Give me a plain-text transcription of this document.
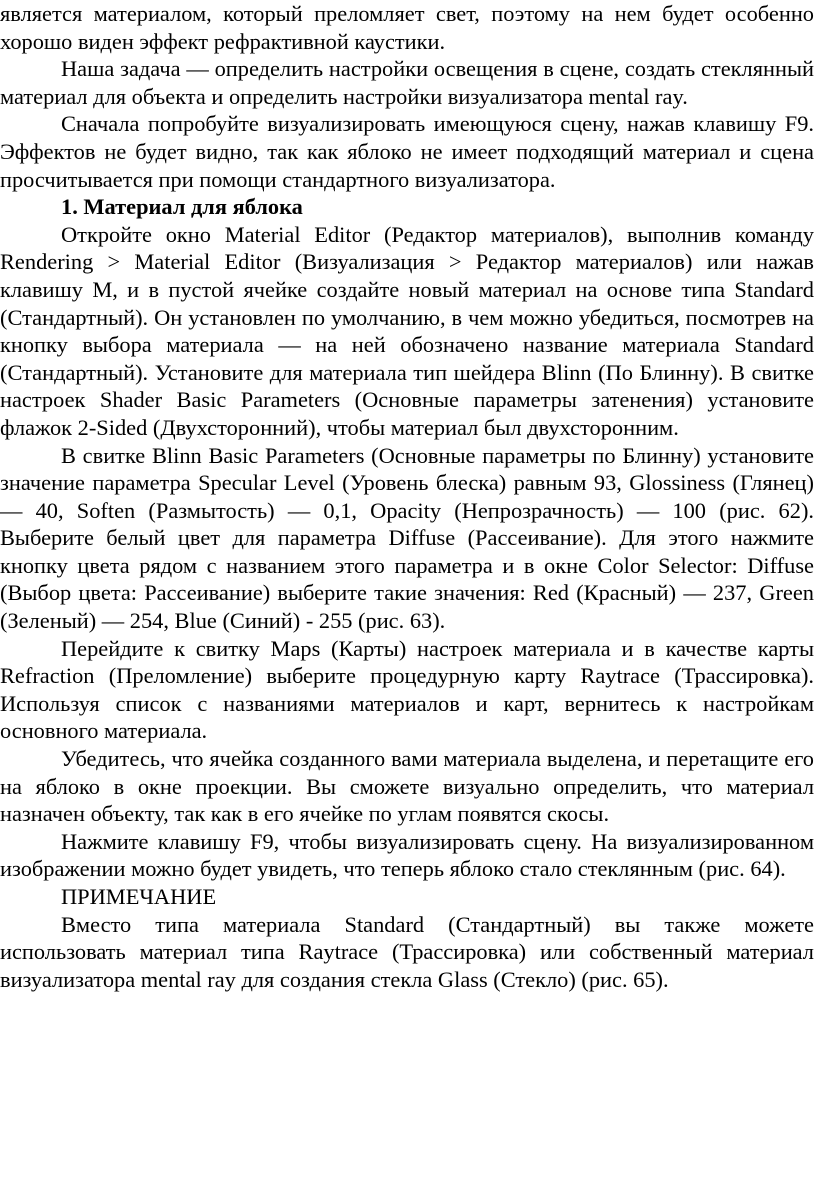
является материалом, который преломляет свет, поэтому на нем будет особенно хорошо виден эффект рефрактивной каустики.

Наша задача — определить настройки освещения в сцене, создать стеклянный материал для объекта и определить настройки визуализатора mental ray.

Сначала попробуйте визуализировать имеющуюся сцену, нажав клавишу F9. Эффектов не будет видно, так как яблоко не имеет подходящий материал и сцена просчитывается при помощи стандартного визуализатора.

1. Материал для яблока

Откройте окно Material Editor (Редактор материалов), выполнив команду Rendering > Material Editor (Визуализация > Редактор материалов) или нажав клавишу M, и в пустой ячейке создайте новый материал на основе типа Standard (Стандартный). Он установлен по умолчанию, в чем можно убедиться, посмотрев на кнопку выбора материала — на ней обозначено название материала Standard (Стандартный). Установите для материала тип шейдера Blinn (По Блинну). В свитке настроек Shader Basic Parameters (Основные параметры затенения) установите флажок 2-Sided (Двухсторонний), чтобы материал был двухсторонним.

В свитке Blinn Basic Parameters (Основные параметры по Блинну) установите значение параметра Specular Level (Уровень блеска) равным 93, Glossiness (Глянец) — 40, Soften (Размытость) — 0,1, Opacity (Непрозрачность) — 100 (рис. 62). Выберите белый цвет для параметра Diffuse (Рассеивание). Для этого нажмите кнопку цвета рядом с названием этого параметра и в окне Color Selector: Diffuse (Выбор цвета: Рассеивание) выберите такие значения: Red (Красный) — 237, Green (Зеленый) — 254, Blue (Синий) - 255 (рис. 63).

Перейдите к свитку Maps (Карты) настроек материала и в качестве карты Refraction (Преломление) выберите процедурную карту Raytrace (Трассировка). Используя список с названиями материалов и карт, вернитесь к настройкам основного материала.

Убедитесь, что ячейка созданного вами материала выделена, и перетащите его на яблоко в окне проекции. Вы сможете визуально определить, что материал назначен объекту, так как в его ячейке по углам появятся скосы.

Нажмите клавишу F9, чтобы визуализировать сцену. На визуализированном изображении можно будет увидеть, что теперь яблоко стало стеклянным (рис. 64).

ПРИМЕЧАНИЕ

Вместо типа материала Standard (Стандартный) вы также можете использовать материал типа Raytrace (Трассировка) или собственный материал визуализатора mental ray для создания стекла Glass (Стекло) (рис. 65).
